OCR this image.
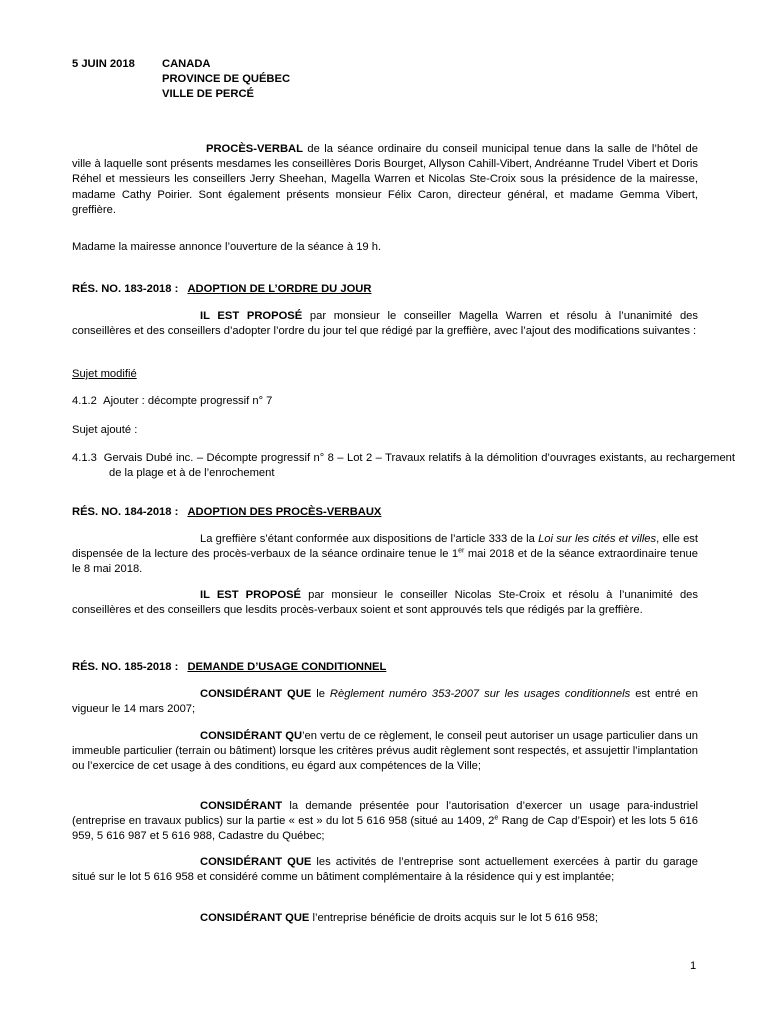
5 JUIN 2018 CANADA
PROVINCE DE QUÉBEC
VILLE DE PERCÉ
PROCÈS-VERBAL de la séance ordinaire du conseil municipal tenue dans la salle de l’hôtel de ville à laquelle sont présents mesdames les conseillères Doris Bourget, Allyson Cahill-Vibert, Andréanne Trudel Vibert et Doris Réhel et messieurs les conseillers Jerry Sheehan, Magella Warren et Nicolas Ste-Croix sous la présidence de la mairesse, madame Cathy Poirier. Sont également présents monsieur Félix Caron, directeur général, et madame Gemma Vibert, greffière.
Madame la mairesse annonce l’ouverture de la séance à 19 h.
RÉS. NO. 183-2018 : ADOPTION DE L’ORDRE DU JOUR
IL EST PROPOSÉ par monsieur le conseiller Magella Warren et résolu à l’unanimité des conseillères et des conseillers d’adopter l’ordre du jour tel que rédigé par la greffière, avec l’ajout des modifications suivantes :
Sujet modifié
4.1.2 Ajouter : décompte progressif n° 7
Sujet ajouté :
4.1.3 Gervais Dubé inc. – Décompte progressif n° 8 – Lot 2 – Travaux relatifs à la démolition d’ouvrages existants, au rechargement de la plage et à de l’enrochement
RÉS. NO. 184-2018 : ADOPTION DES PROCÈS-VERBAUX
La greffière s’étant conformée aux dispositions de l’article 333 de la Loi sur les cités et villes, elle est dispensée de la lecture des procès-verbaux de la séance ordinaire tenue le 1er mai 2018 et de la séance extraordinaire tenue le 8 mai 2018.
IL EST PROPOSÉ par monsieur le conseiller Nicolas Ste-Croix et résolu à l’unanimité des conseillères et des conseillers que lesdits procès-verbaux soient et sont approuvés tels que rédigés par la greffière.
RÉS. NO. 185-2018 : DEMANDE D’USAGE CONDITIONNEL
CONSIDÉRANT QUE le Règlement numéro 353-2007 sur les usages conditionnels est entré en vigueur le 14 mars 2007;
CONSIDÉRANT QU’en vertu de ce règlement, le conseil peut autoriser un usage particulier dans un immeuble particulier (terrain ou bâtiment) lorsque les critères prévus audit règlement sont respectés, et assujettir l’implantation ou l’exercice de cet usage à des conditions, eu égard aux compétences de la Ville;
CONSIDÉRANT la demande présentée pour l’autorisation d’exercer un usage para-industriel (entreprise en travaux publics) sur la partie « est » du lot 5 616 958 (situé au 1409, 2e Rang de Cap d’Espoir) et les lots 5 616 959, 5 616 987 et 5 616 988, Cadastre du Québec;
CONSIDÉRANT QUE les activités de l’entreprise sont actuellement exercées à partir du garage situé sur le lot 5 616 958 et considéré comme un bâtiment complémentaire à la résidence qui y est implantée;
CONSIDÉRANT QUE l’entreprise bénéficie de droits acquis sur le lot 5 616 958;
1
